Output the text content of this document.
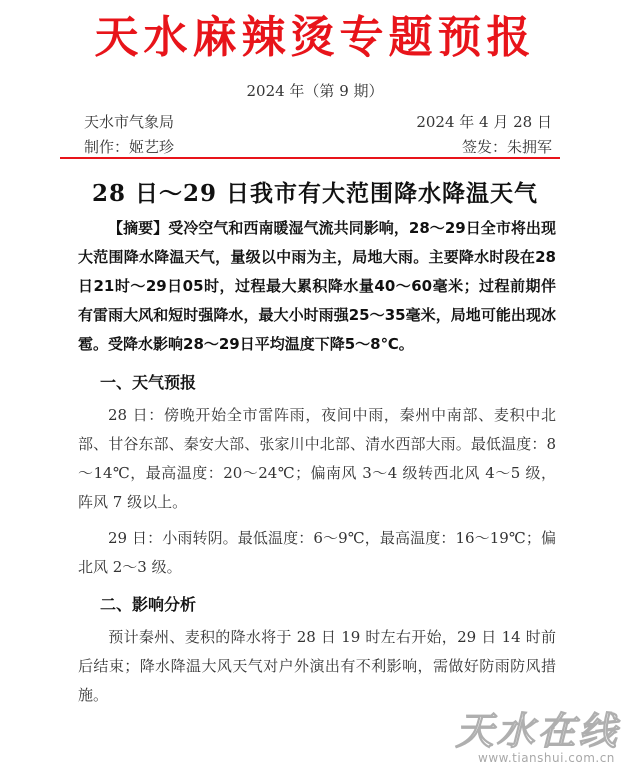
天水麻辣烫专题预报
2024 年（第 9 期）
天水市气象局	2024 年 4 月 28 日
制作：姬艺珍	签发：朱拥军
28 日～29 日我市有大范围降水降温天气
【摘要】受冷空气和西南暖湿气流共同影响，28～29日全市将出现大范围降水降温天气，量级以中雨为主，局地大雨。主要降水时段在28日21时～29日05时，过程最大累积降水量40～60毫米；过程前期伴有雷雨大风和短时强降水，最大小时雨强25～35毫米，局地可能出现冰雹。受降水影响28～29日平均温度下降5～8℃。
一、天气预报
28 日：傍晚开始全市雷阵雨，夜间中雨，秦州中南部、麦积中北部、甘谷东部、秦安大部、张家川中北部、清水西部大雨。最低温度：8～14℃，最高温度：20～24℃；偏南风 3～4 级转西北风 4～5 级，阵风 7 级以上。
29 日：小雨转阴。最低温度：6～9℃，最高温度：16～19℃；偏北风 2～3 级。
二、影响分析
预计秦州、麦积的降水将于 28 日 19 时左右开始，29 日 14 时前后结束；降水降温大风天气对户外演出有不利影响，需做好防雨防风措施。
天水在线
www.tianshui.com.cn
